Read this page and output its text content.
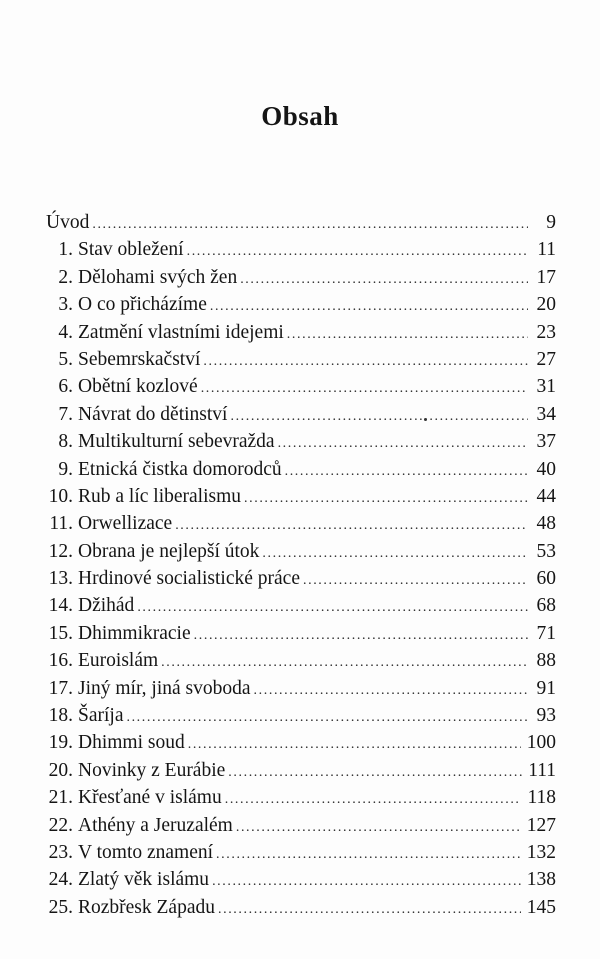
Obsah
Úvod .....	9
1. Stav obležení .....	11
2. Dělohami svých žen .....	17
3. O co přicházíme .....	20
4. Zatmění vlastními idejemi .....	23
5. Sebemrskačství .....	27
6. Obětní kozlové .....	31
7. Návrat do dětinství .....	34
8. Multikulturní sebevražda .....	37
9. Etnická čistka domorodců .....	40
10. Rub a líc liberalismu .....	44
11. Orwellizace .....	48
12. Obrana je nejlepší útok .....	53
13. Hrdinové socialistické práce .....	60
14. Džihád .....	68
15. Dhimmikracie .....	71
16. Euroislám .....	88
17. Jiný mír, jiná svoboda .....	91
18. Šaríja .....	93
19. Dhimmi soud .....	100
20. Novinky z Eurábie .....	111
21. Křesťané v islámu .....	118
22. Athény a Jeruzalém .....	127
23. V tomto znamení .....	132
24. Zlatý věk islámu .....	138
25. Rozbřesk Západu .....	145
